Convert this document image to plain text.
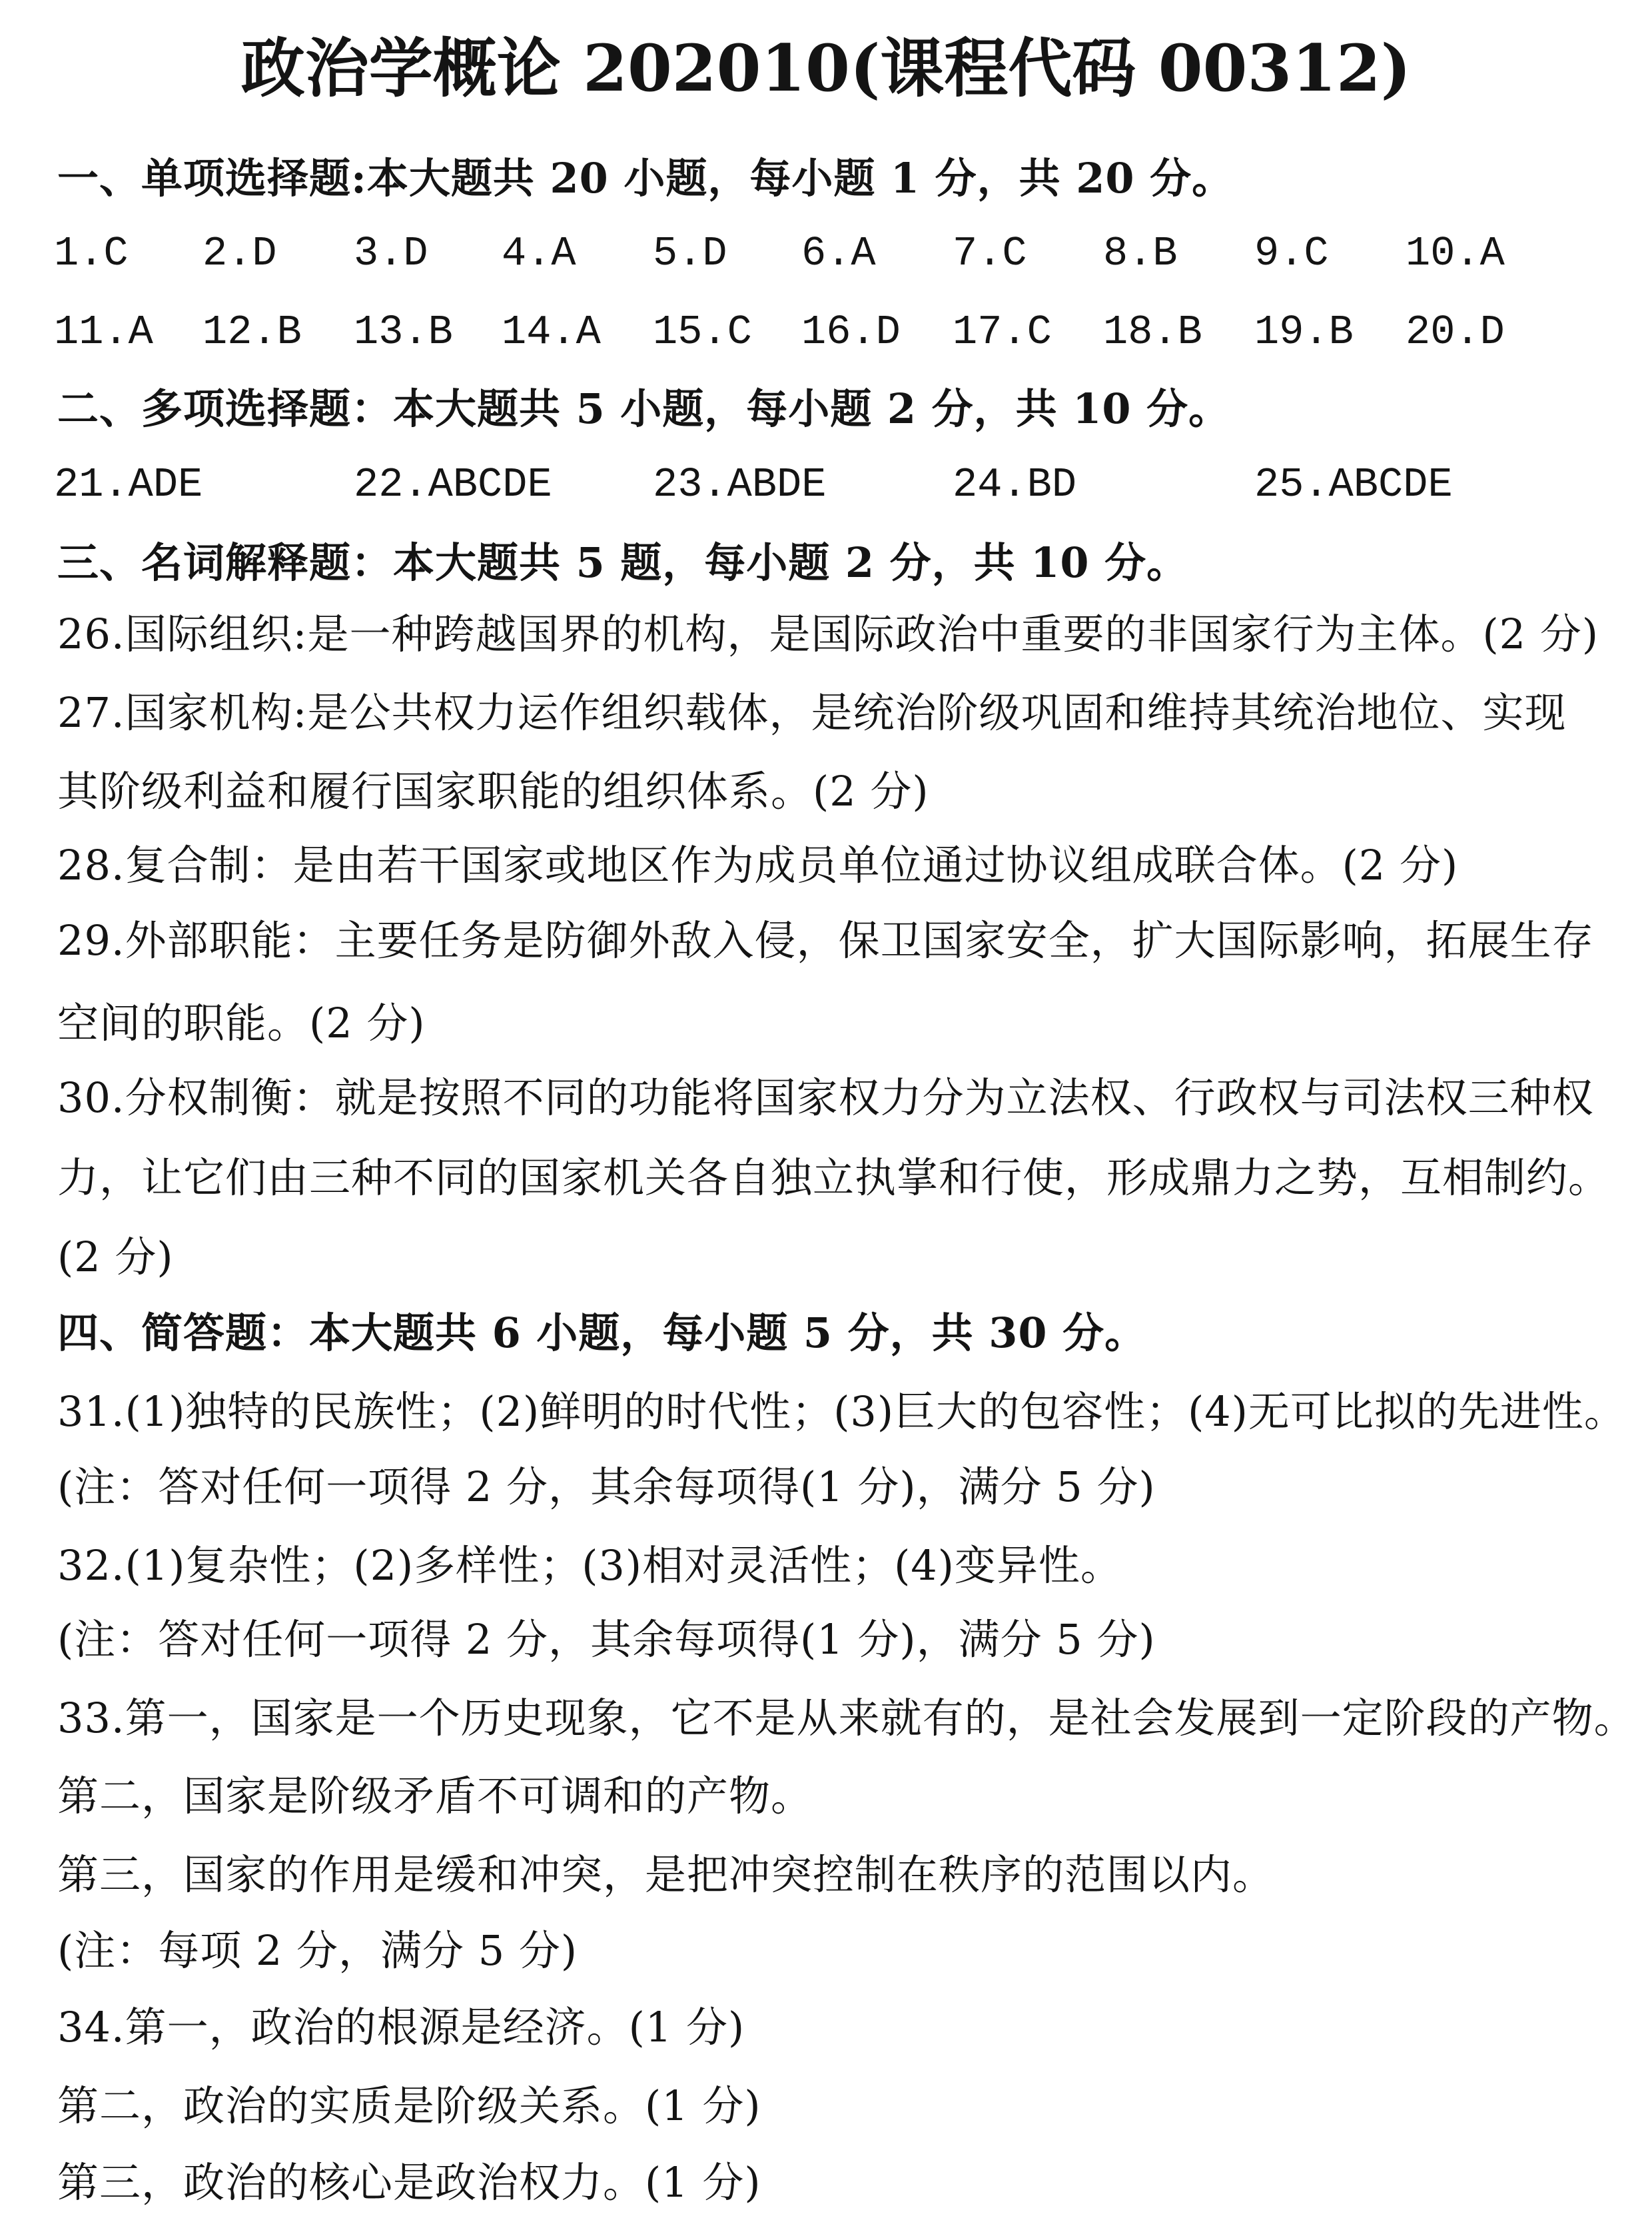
政治学概论 202010(课程代码 00312)
一、单项选择题:本大题共 20 小题，每小题 1 分，共 20 分。
1.C 2.D 3.D 4.A 5.D 6.A 7.C 8.B 9.C 10.A
11.A 12.B 13.B 14.A 15.C 16.D 17.C 18.B 19.B 20.D
二、多项选择题：本大题共 5 小题，每小题 2 分，共 10 分。
21.ADE	22.ABCDE 23.ABDE	24.BD	25.ABCDE
三、名词解释题：本大题共 5 题，每小题 2 分，共 10 分。
26.国际组织:是一种跨越国界的机构，是国际政治中重要的非国家行为主体。(2 分)
27.国家机构:是公共权力运作组织载体，是统治阶级巩固和维持其统治地位、实现
其阶级利益和履行国家职能的组织体系。(2 分)
28.复合制：是由若干国家或地区作为成员单位通过协议组成联合体。(2 分)
29.外部职能：主要任务是防御外敌入侵，保卫国家安全，扩大国际影响，拓展生存
空间的职能。(2 分)
30.分权制衡：就是按照不同的功能将国家权力分为立法权、行政权与司法权三种权
力，让它们由三种不同的国家机关各自独立执掌和行使，形成鼎力之势，互相制约。
(2 分)
四、简答题：本大题共 6 小题，每小题 5 分，共 30 分。
31.(1)独特的民族性；(2)鲜明的时代性；(3)巨大的包容性；(4)无可比拟的先进性。
(注：答对任何一项得 2 分，其余每项得(1 分)，满分 5 分)
32.(1)复杂性；(2)多样性；(3)相对灵活性；(4)变异性。
(注：答对任何一项得 2 分，其余每项得(1 分)，满分 5 分)
33.第一，国家是一个历史现象，它不是从来就有的，是社会发展到一定阶段的产物。
第二，国家是阶级矛盾不可调和的产物。
第三，国家的作用是缓和冲突，是把冲突控制在秩序的范围以内。
(注：每项 2 分，满分 5 分)
34.第一，政治的根源是经济。(1 分)
第二，政治的实质是阶级关系。(1 分)
第三，政治的核心是政治权力。(1 分)
